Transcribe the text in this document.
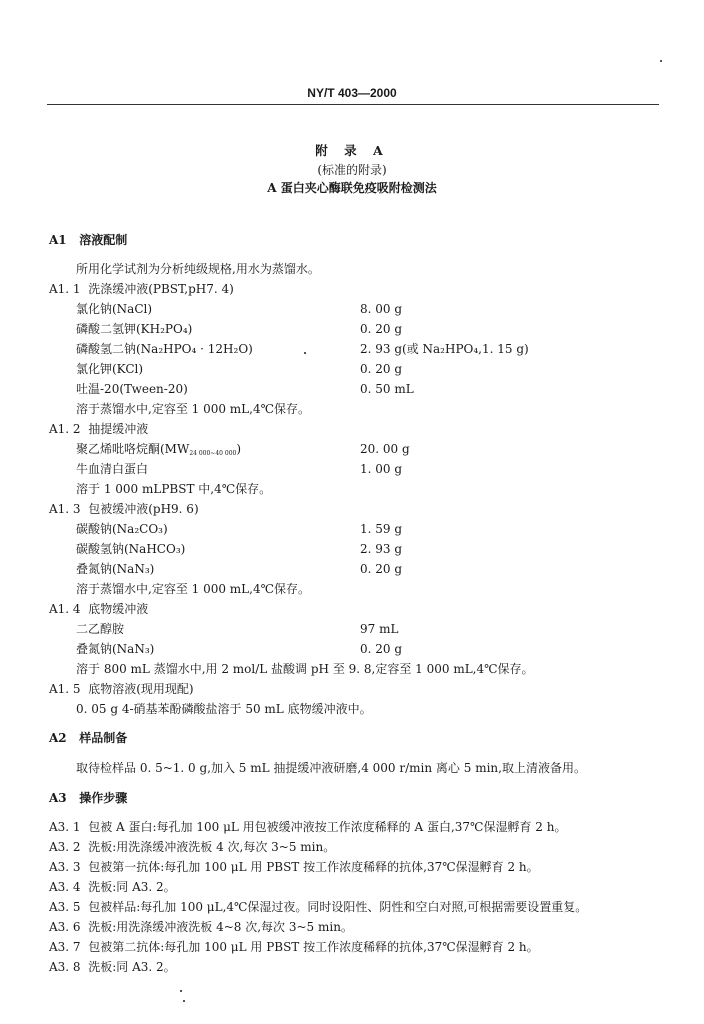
NY/T 403—2000
附 录 A
(标准的附录)
A 蛋白夹心酶联免疫吸附检测法
A1 溶液配制
所用化学试剂为分析纯级规格,用水为蒸馏水。
A1. 1 洗涤缓冲液(PBST,pH7. 4)
氯化钠(NaCl)	8. 00 g
磷酸二氢钾(KH₂PO₄)	0. 20 g
磷酸氢二钠(Na₂HPO₄ · 12H₂O)	2. 93 g(或 Na₂HPO₄,1. 15 g)
氯化钾(KCl)	0. 20 g
吐温-20(Tween-20)	0. 50 mL
溶于蒸馏水中,定容至 1 000 mL,4℃保存。
A1. 2 抽提缓冲液
聚乙烯吡咯烷酮(MW24 000~40 000)	20. 00 g
牛血清白蛋白	1. 00 g
溶于 1 000 mLPBST 中,4℃保存。
A1. 3 包被缓冲液(pH9. 6)
碳酸钠(Na₂CO₃)	1. 59 g
碳酸氢钠(NaHCO₃)	2. 93 g
叠氮钠(NaN₃)	0. 20 g
溶于蒸馏水中,定容至 1 000 mL,4℃保存。
A1. 4 底物缓冲液
二乙醇胺	97 mL
叠氮钠(NaN₃)	0. 20 g
溶于 800 mL 蒸馏水中,用 2 mol/L 盐酸调 pH 至 9. 8,定容至 1 000 mL,4℃保存。
A1. 5 底物溶液(现用现配)
0. 05 g 4-硝基苯酚磷酸盐溶于 50 mL 底物缓冲液中。
A2 样品制备
取待检样品 0. 5~1. 0 g,加入 5 mL 抽提缓冲液研磨,4 000 r/min 离心 5 min,取上清液备用。
A3 操作步骤
A3. 1 包被 A 蛋白:每孔加 100 μL 用包被缓冲液按工作浓度稀释的 A 蛋白,37℃保湿孵育 2 h。
A3. 2 洗板:用洗涤缓冲液洗板 4 次,每次 3~5 min。
A3. 3 包被第一抗体:每孔加 100 μL 用 PBST 按工作浓度稀释的抗体,37℃保湿孵育 2 h。
A3. 4 洗板:同 A3. 2。
A3. 5 包被样品:每孔加 100 μL,4℃保湿过夜。同时设阳性、阴性和空白对照,可根据需要设置重复。
A3. 6 洗板:用洗涤缓冲液洗板 4~8 次,每次 3~5 min。
A3. 7 包被第二抗体:每孔加 100 μL 用 PBST 按工作浓度稀释的抗体,37℃保湿孵育 2 h。
A3. 8 洗板:同 A3. 2。
